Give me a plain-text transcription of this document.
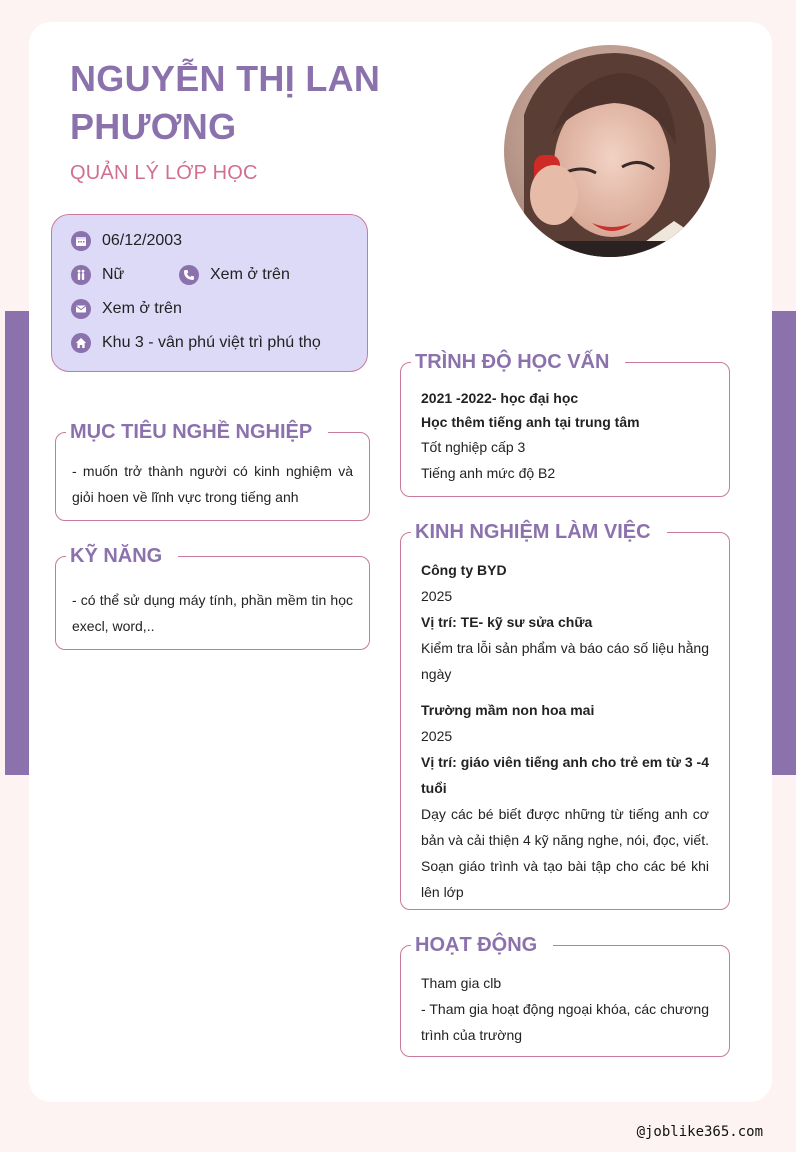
NGUYỄN THỊ LAN PHƯƠNG
QUẢN LÝ LỚP HỌC
06/12/2003
Nữ	Xem ở trên
Xem ở trên
Khu 3 - vân phú việt trì phú thọ
MỤC TIÊU NGHỀ NGHIỆP
- muốn trở thành người có kinh nghiệm và giỏi hoen về lĩnh vực trong tiếng anh
KỸ NĂNG
- có thể sử dụng máy tính, phần mềm tin học execl, word,..
TRÌNH ĐỘ HỌC VẤN
2021 -2022- học đại học
Học thêm tiếng anh tại trung tâm
Tốt nghiệp cấp 3
Tiếng anh mức độ B2
KINH NGHIỆM LÀM VIỆC
Công ty BYD
2025
Vị trí: TE- kỹ sư sửa chữa
Kiểm tra lỗi sản phẩm và báo cáo số liệu hằng ngày
Trường mầm non hoa mai
2025
Vị trí: giáo viên tiếng anh cho trẻ em từ 3 -4 tuổi
Dạy các bé biết được những từ tiếng anh cơ bản và cải thiện 4 kỹ năng nghe, nói, đọc, viết. Soạn giáo trình và tạo bài tập cho các bé khi lên lớp
HOẠT ĐỘNG
Tham gia clb
- Tham gia hoạt động ngoại khóa, các chương trình của trường
@joblike365.com
